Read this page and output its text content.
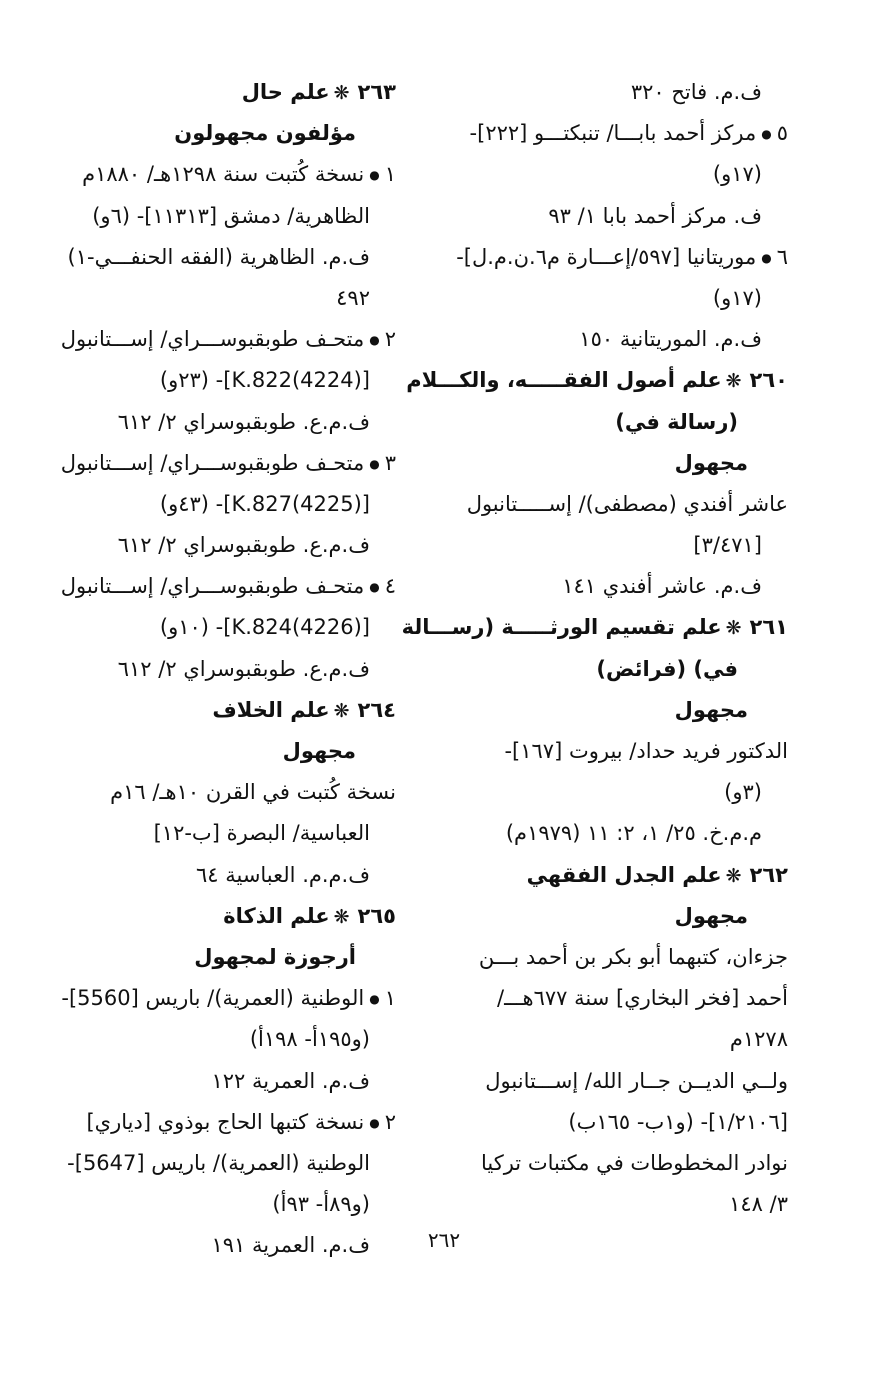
ف.م. فاتح ٣٢٠
٥●مركز أحمد بابـــا/ تنبكتـــو [٢٢٢]-
(١٧و)
ف. مركز أحمد بابا ١/ ٩٣
٦●موريتانيا [٥٩٧/إعـــارة م٦.ن.م.ل]-
(١٧و)
ف.م. الموريتانية ١٥٠
٢٦٠❋علم أصول الفقـــــه، والكـــلام
(رسالة في)
مجهول
عاشر أفندي (مصطفى)/ إســـــتانبول
[٣/٤٧١]
ف.م. عاشر أفندي ١٤١
٢٦١❋علم تقسيم الورثـــــة (رســـالة
في) (فرائض)
مجهول
الدكتور فريد حداد/ بيروت [١٦٧]-
(٣و)
م.م.خ. ٢٥/ ١، ٢: ١١ (١٩٧٩م)
٢٦٢❋علم الجدل الفقهي
مجهول
جزءان، كتبهما أبو بكر بن أحمد بـــن
أحمد [فخر البخاري] سنة ٦٧٧هـــ/
١٢٧٨م
ولــي الديــن جــار الله/ إســـتانبول
[١/٢١٠٦]- (و١ب- ١٦٥ب)
نوادر المخطوطات في مكتبات تركيا
٣/ ١٤٨
٢٦٣❋علم حال
مؤلفون مجهولون
١●نسخة كُتبت سنة ١٢٩٨هـ/ ١٨٨٠م
الظاهرية/ دمشق [١١٣١٣]- (٦و)
ف.م. الظاهرية (الفقه الحنفـــي-١)
٤٩٢
٢●متحـف طوبقبوســـراي/ إســـتانبول
[K.822(4224)]- (٢٣و)
ف.م.ع. طوبقبوسراي ٢/ ٦١٢
٣●متحـف طوبقبوســـراي/ إســـتانبول
[K.827(4225)]- (٤٣و)
ف.م.ع. طوبقبوسراي ٢/ ٦١٢
٤●متحـف طوبقبوســـراي/ إســـتانبول
[K.824(4226)]- (١٠و)
ف.م.ع. طوبقبوسراي ٢/ ٦١٢
٢٦٤❋علم الخلاف
مجهول
نسخة كُتبت في القرن ١٠هـ/ ١٦م
العباسية/ البصرة [ب-١٢]
ف.م.م. العباسية ٦٤
٢٦٥❋علم الذكاة
أرجوزة لمجهول
١●الوطنية (العمرية)/ باريس [5560]-
(و١٩٥أ- ١٩٨أ)
ف.م. العمرية ١٢٢
٢●نسخة كتبها الحاج بوذوي [دياري]
الوطنية (العمرية)/ باريس [5647]-
(و٨٩أ- ٩٣أ)
ف.م. العمرية ١٩١	٢٦٢
